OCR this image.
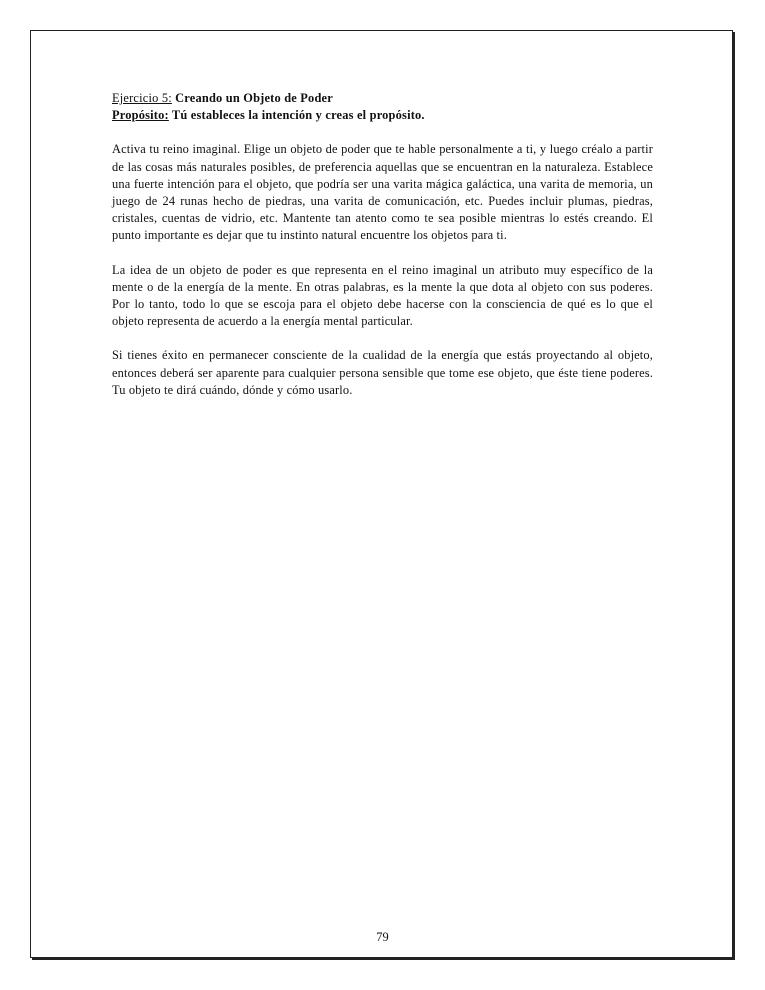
Ejercicio 5: Creando un Objeto de Poder

Propósito: Tú estableces la intención y creas el propósito.

Activa tu reino imaginal. Elige un objeto de poder que te hable personalmente a ti, y luego créalo a partir de las cosas más naturales posibles, de preferencia aquellas que se encuentran en la naturaleza. Establece una fuerte intención para el objeto, que podría ser una varita mágica galáctica, una varita de memoria, un juego de 24 runas hecho de piedras, una varita de comunicación, etc. Puedes incluir plumas, piedras, cristales, cuentas de vidrio, etc. Mantente tan atento como te sea posible mientras lo estés creando. El punto importante es dejar que tu instinto natural encuentre los objetos para ti.

La idea de un objeto de poder es que representa en el reino imaginal un atributo muy específico de la mente o de la energía de la mente. En otras palabras, es la mente la que dota al objeto con sus poderes. Por lo tanto, todo lo que se escoja para el objeto debe hacerse con la consciencia de qué es lo que el objeto representa de acuerdo a la energía mental particular.

Si tienes éxito en permanecer consciente de la cualidad de la energía que estás proyectando al objeto, entonces deberá ser aparente para cualquier persona sensible que tome ese objeto, que éste tiene poderes. Tu objeto te dirá cuándo, dónde y cómo usarlo.

79
